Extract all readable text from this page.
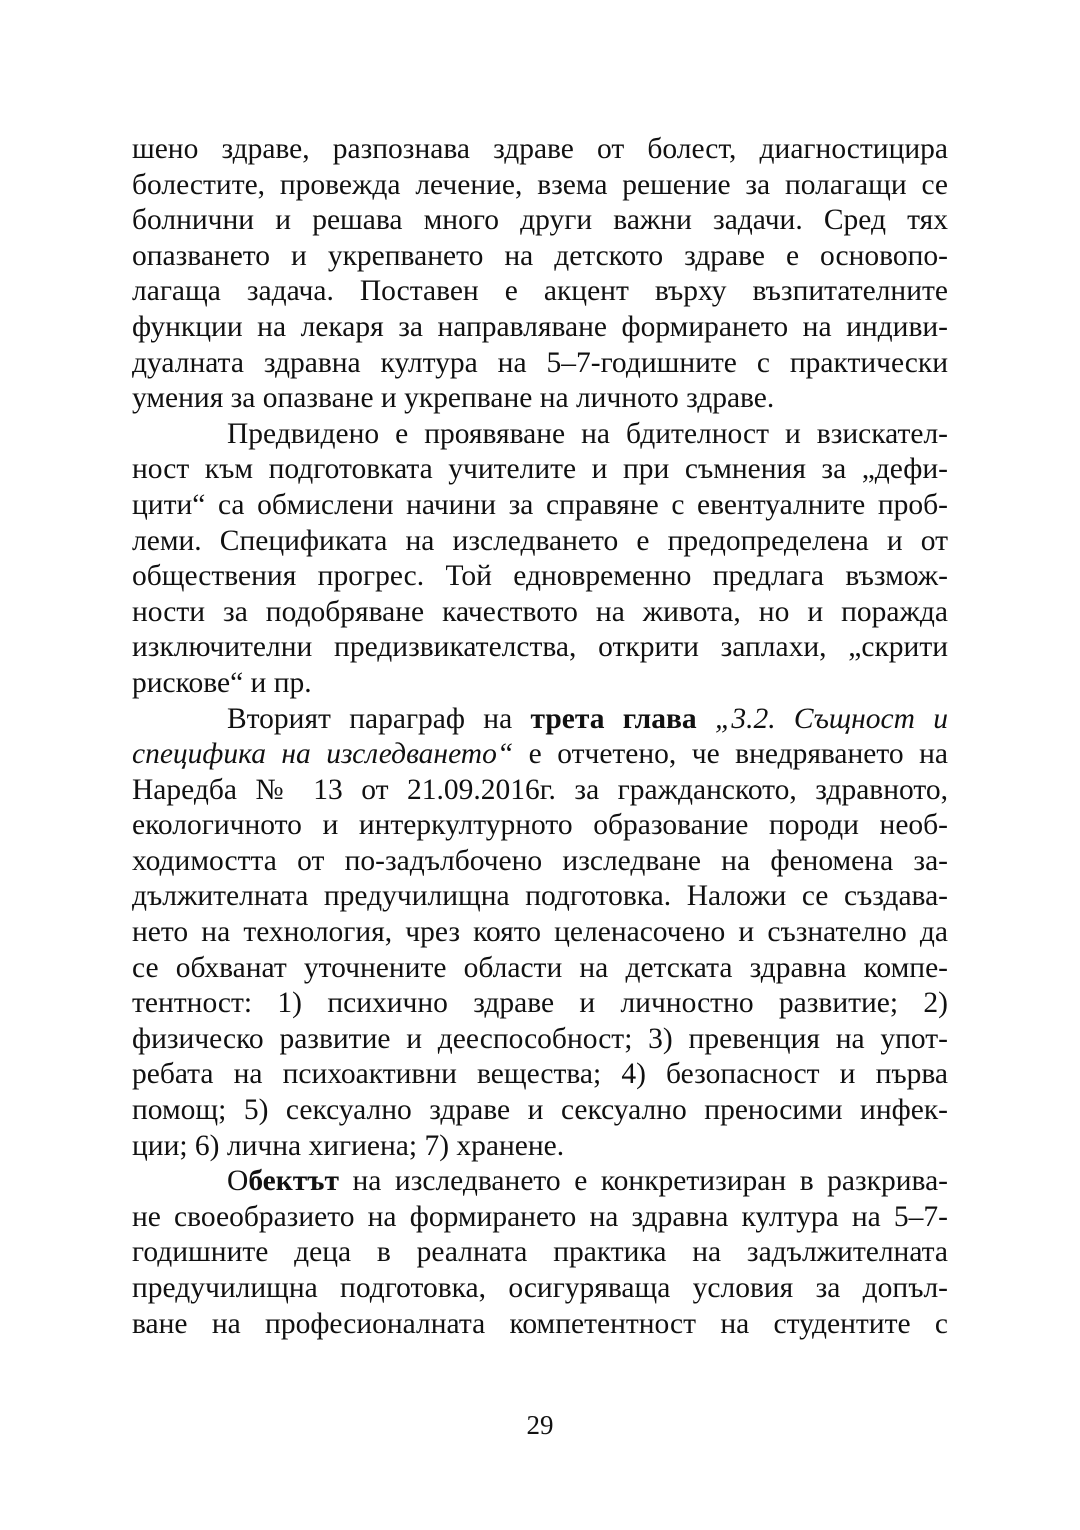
шено здраве, разпознава здраве от болест, диагностицира
болестите, провежда лечение, взема решение за полагащи се
болнични и решава много други важни задачи. Сред тях
опазването и укрепването на детското здраве е основопо-
лагаща задача. Поставен е акцент върху възпитателните
функции на лекаря за направляване формирането на индиви-
дуалната здравна култура на 5–7-годишните с практически
умения за опазване и укрепване на личното здраве.
Предвидено е проявяване на бдителност и взискател-
ност към подготовката учителите и при съмнения за „дефи-
цити“ са обмислени начини за справяне с евентуалните проб-
леми. Спецификата на изследването е предопределена и от
обществения прогрес. Той едновременно предлага възмож-
ности за подобряване качеството на живота, но и поражда
изключителни предизвикателства, открити заплахи, „скрити
рискове“ и пр.
Вторият параграф на трета глава „3.2. Същност и
специфика на изследването“ е отчетено, че внедряването на
Наредба № 13 от 21.09.2016г. за гражданското, здравното,
екологичното и интеркултурното образование породи необ-
ходимостта от по-задълбочено изследване на феномена за-
дължителната предучилищна подготовка. Наложи се създава-
нето на технология, чрез която целенасочено и съзнателно да
се обхванат уточнените области на детската здравна компе-
тентност: 1) психично здраве и личностно развитие; 2)
физическо развитие и дееспособност; 3) превенция на упот-
ребата на психоактивни вещества; 4) безопасност и първа
помощ; 5) сексуално здраве и сексуално преносими инфек-
ции; 6) лична хигиена; 7) хранене.
Обектът на изследването е конкретизиран в разкрива-
не своеобразието на формирането на здравна култура на 5–7-
годишните деца в реалната практика на задължителната
предучилищна подготовка, осигуряваща условия за допъл-
ване на професионалната компетентност на студентите с
29
